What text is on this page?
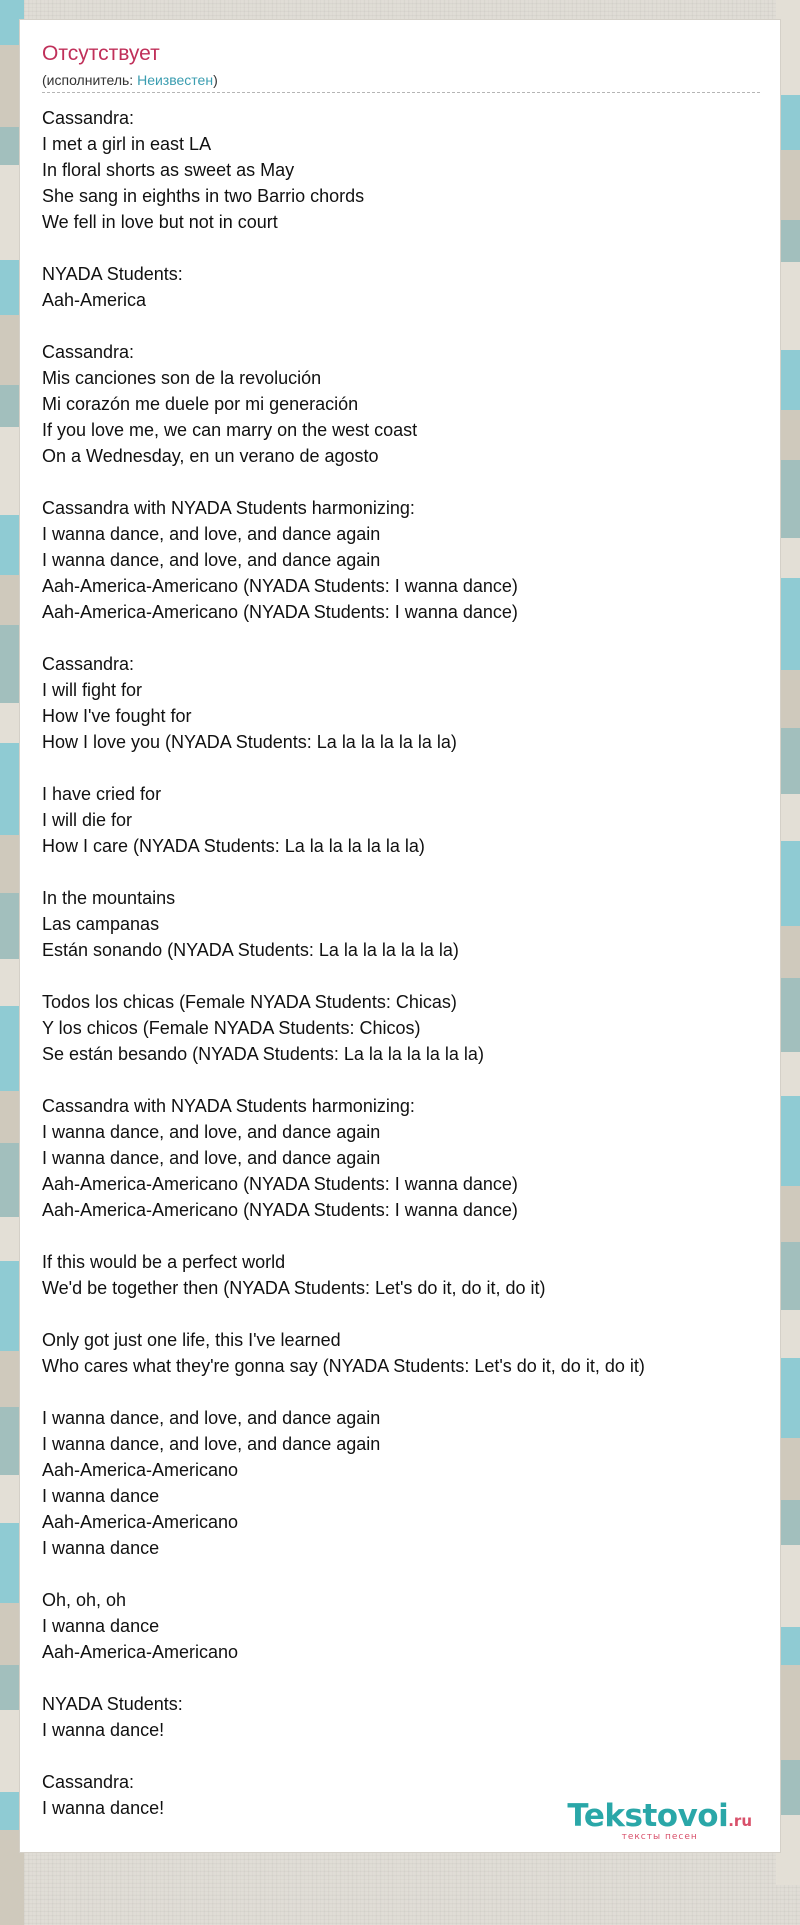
Отсутствует
(исполнитель: Неизвестен)
Cassandra:
I met a girl in east LA
In floral shorts as sweet as May
She sang in eighths in two Barrio chords
We fell in love but not in court
NYADA Students:
Aah-America
Cassandra:
Mis canciones son de la revolución
Mi corazón me duele por mi generación
If you love me, we can marry on the west coast
On a Wednesday, en un verano de agosto
Cassandra with NYADA Students harmonizing:
I wanna dance, and love, and dance again
I wanna dance, and love, and dance again
Aah-America-Americano (NYADA Students: I wanna dance)
Aah-America-Americano (NYADA Students: I wanna dance)
Cassandra:
I will fight for
How I've fought for
How I love you (NYADA Students: La la la la la la la)
I have cried for
I will die for
How I care (NYADA Students: La la la la la la la)
In the mountains
Las campanas
Están sonando (NYADA Students: La la la la la la la)
Todos los chicas (Female NYADA Students: Chicas)
Y los chicos (Female NYADA Students: Chicos)
Se están besando (NYADA Students: La la la la la la la)
Cassandra with NYADA Students harmonizing:
I wanna dance, and love, and dance again
I wanna dance, and love, and dance again
Aah-America-Americano (NYADA Students: I wanna dance)
Aah-America-Americano (NYADA Students: I wanna dance)
If this would be a perfect world
We'd be together then (NYADA Students: Let's do it, do it, do it)
Only got just one life, this I've learned
Who cares what they're gonna say (NYADA Students: Let's do it, do it, do it)
I wanna dance, and love, and dance again
I wanna dance, and love, and dance again
Aah-America-Americano
I wanna dance
Aah-America-Americano
I wanna dance
Oh, oh, oh
I wanna dance
Aah-America-Americano
NYADA Students:
I wanna dance!
Cassandra:
I wanna dance!	Tekstovoi.ru
тексты песен
